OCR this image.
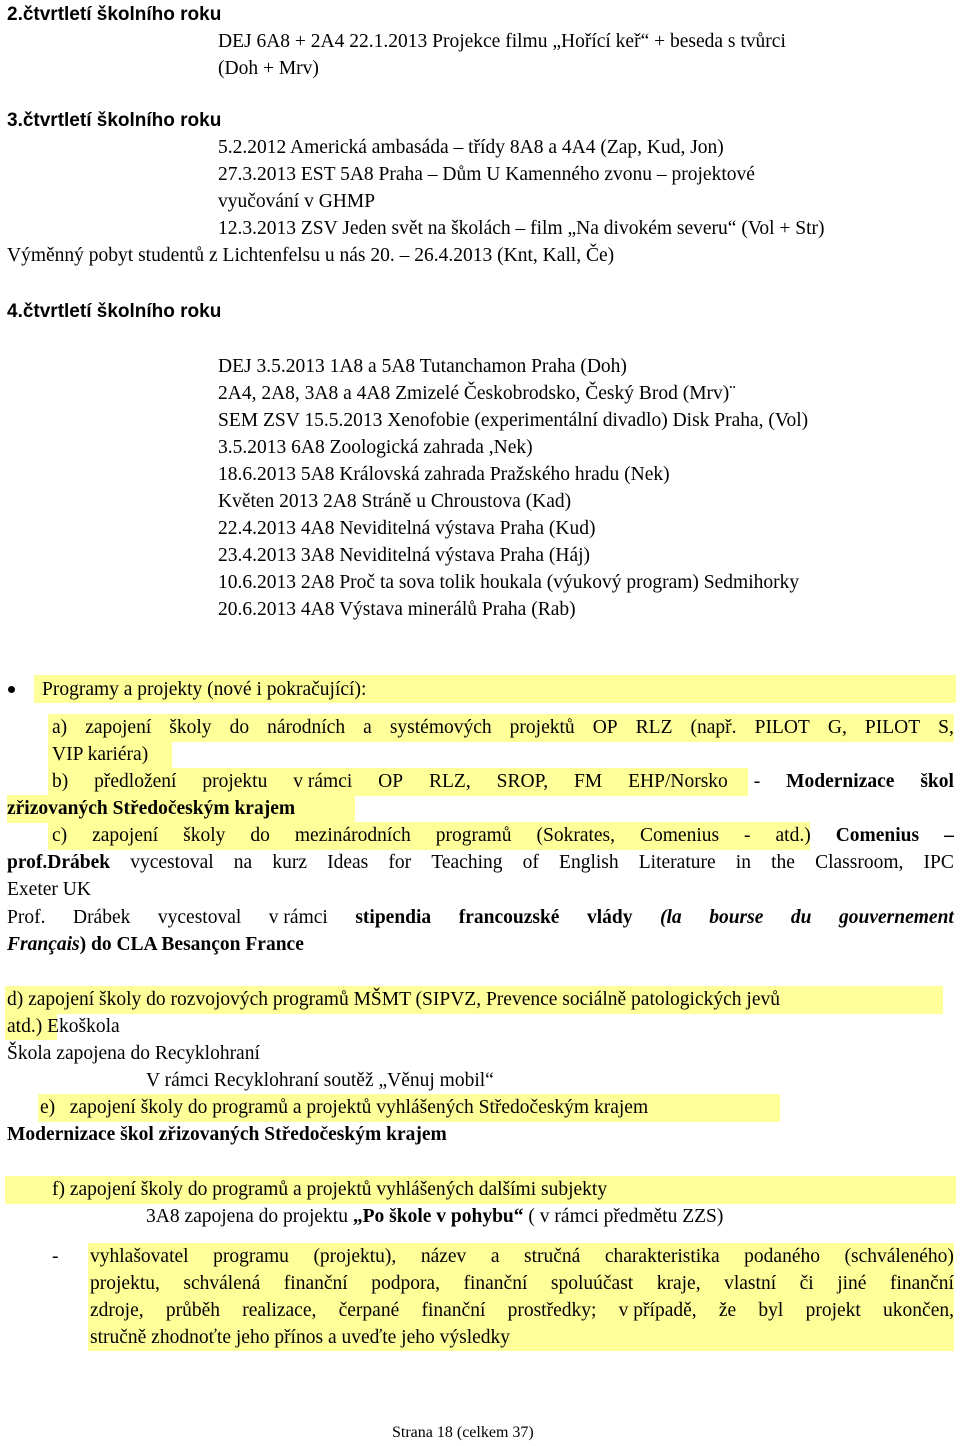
2.čtvrtletí školního roku
DEJ 6A8 + 2A4 22.1.2013 Projekce filmu „Hořící keř“ + beseda s tvůrci
(Doh + Mrv)
3.čtvrtletí školního roku
5.2.2012 Americká ambasáda – třídy 8A8 a 4A4 (Zap, Kud, Jon)
27.3.2013 EST 5A8 Praha – Dům U Kamenného zvonu – projektové
vyučování v GHMP
12.3.2013 ZSV Jeden svět na školách – film „Na divokém severu“ (Vol + Str)
Výměnný pobyt studentů z Lichtenfelsu u nás 20. – 26.4.2013 (Knt, Kall, Če)
4.čtvrtletí školního roku
DEJ 3.5.2013 1A8 a 5A8 Tutanchamon Praha (Doh)
2A4, 2A8, 3A8 a 4A8 Zmizelé Českobrodsko, Český Brod (Mrv)¨
SEM ZSV 15.5.2013 Xenofobie (experimentální divadlo) Disk Praha, (Vol)
3.5.2013 6A8 Zoologická zahrada ,Nek)
18.6.2013 5A8 Královská zahrada Pražského hradu (Nek)
Květen 2013 2A8 Stráně u Chroustova (Kad)
22.4.2013 4A8 Neviditelná výstava Praha (Kud)
23.4.2013 3A8 Neviditelná výstava Praha (Háj)
10.6.2013 2A8 Proč ta sova tolik houkala (výukový program) Sedmihorky
20.6.2013 4A8 Výstava minerálů Praha (Rab)
Programy a projekty (nové i pokračující):
a) zapojení školy do národních a systémových projektů OP RLZ (např. PILOT G, PILOT S,
VIP kariéra)
b) předložení projektu v rámci OP RLZ, SROP, FM EHP/Norsko - Modernizace škol
zřizovaných Středočeským krajem
c) zapojení školy do mezinárodních programů (Sokrates, Comenius - atd.) Comenius –
prof.Drábek vycestoval na kurz Ideas for Teaching of English Literature in the Classroom, IPC
Exeter UK
Prof. Drábek vycestoval v rámci stipendia francouzské vlády (la bourse du gouvernement
Français) do CLA Besançon France
d) zapojení školy do rozvojových programů MŠMT (SIPVZ, Prevence sociálně patologických jevů
atd.) Ekoškola
Škola zapojena do Recyklohraní
V rámci Recyklohraní soutěž „Věnuj mobil“
e)   zapojení školy do programů a projektů vyhlášených Středočeským krajem
Modernizace škol zřizovaných Středočeským krajem
f) zapojení školy do programů a projektů vyhlášených dalšími subjekty
3A8 zapojena do projektu „Po škole v pohybu“ ( v rámci předmětu ZZS)
- vyhlašovatel programu (projektu), název a stručná charakteristika podaného (schváleného)
projektu, schválená finanční podpora, finanční spoluúčast kraje, vlastní či jiné finanční
zdroje, průběh realizace, čerpané finanční prostředky; v případě, že byl projekt ukončen,
stručně zhodnoťte jeho přínos a uveďte jeho výsledky
Strana 18 (celkem 37)
